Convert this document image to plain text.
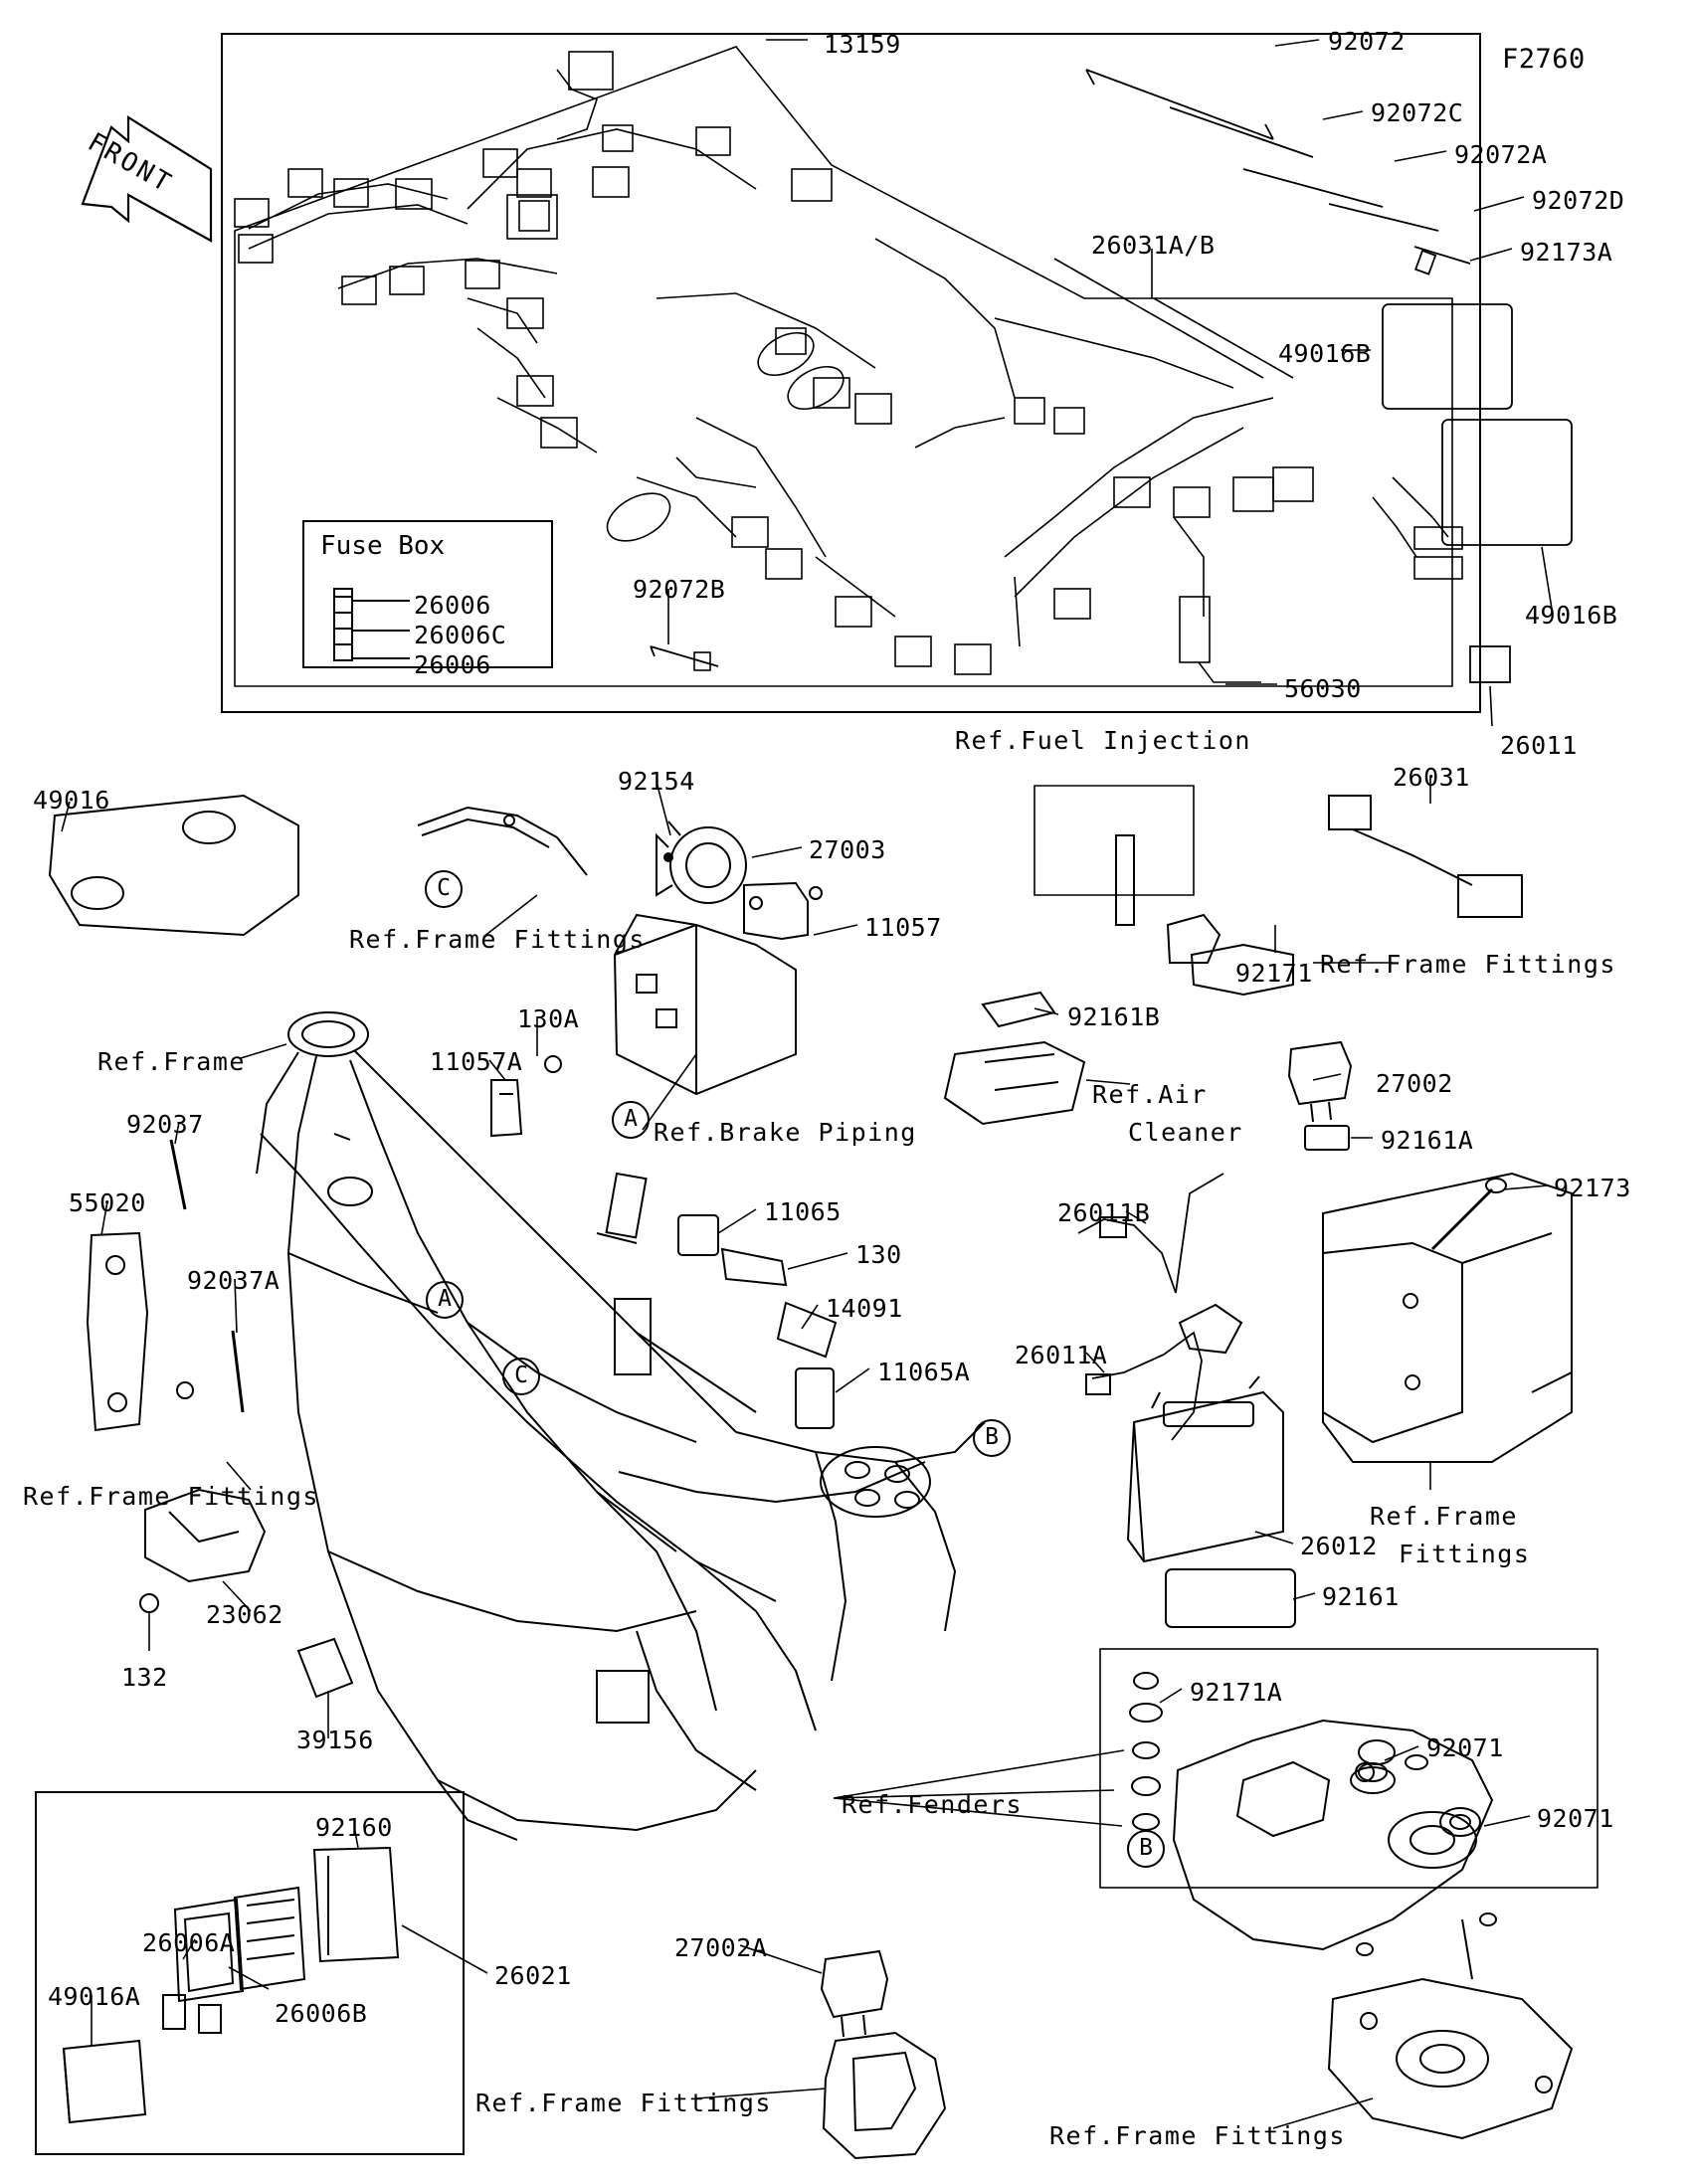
F2760
FRONT
Fuse Box
26006
26006C
26006
13159	92072
92072C
92072A
92072D
92173A
26031A/B
49016B
49016B
26011
56030
92072B
49016
92154
27003
11057
26031
92171
92161B
27002
92161A
92173
130A
11057A
92037
55020
92037A
11065
130
14091
11065A
26011B
26011A
26012
92161
23062
132
39156
92171A
92071
92071
92160
26006A
49016A
26006B
26021
27002A
Ref.Fuel Injection
Ref.Frame Fittings
Ref.Frame Fittings
Ref.Brake Piping
Ref.Air
Cleaner
Ref.Frame
Ref.Frame Fittings
Ref.Frame
Fittings
Ref.Fenders
Ref.Frame Fittings
Ref.Frame Fittings
C
A
A
C
B
B
